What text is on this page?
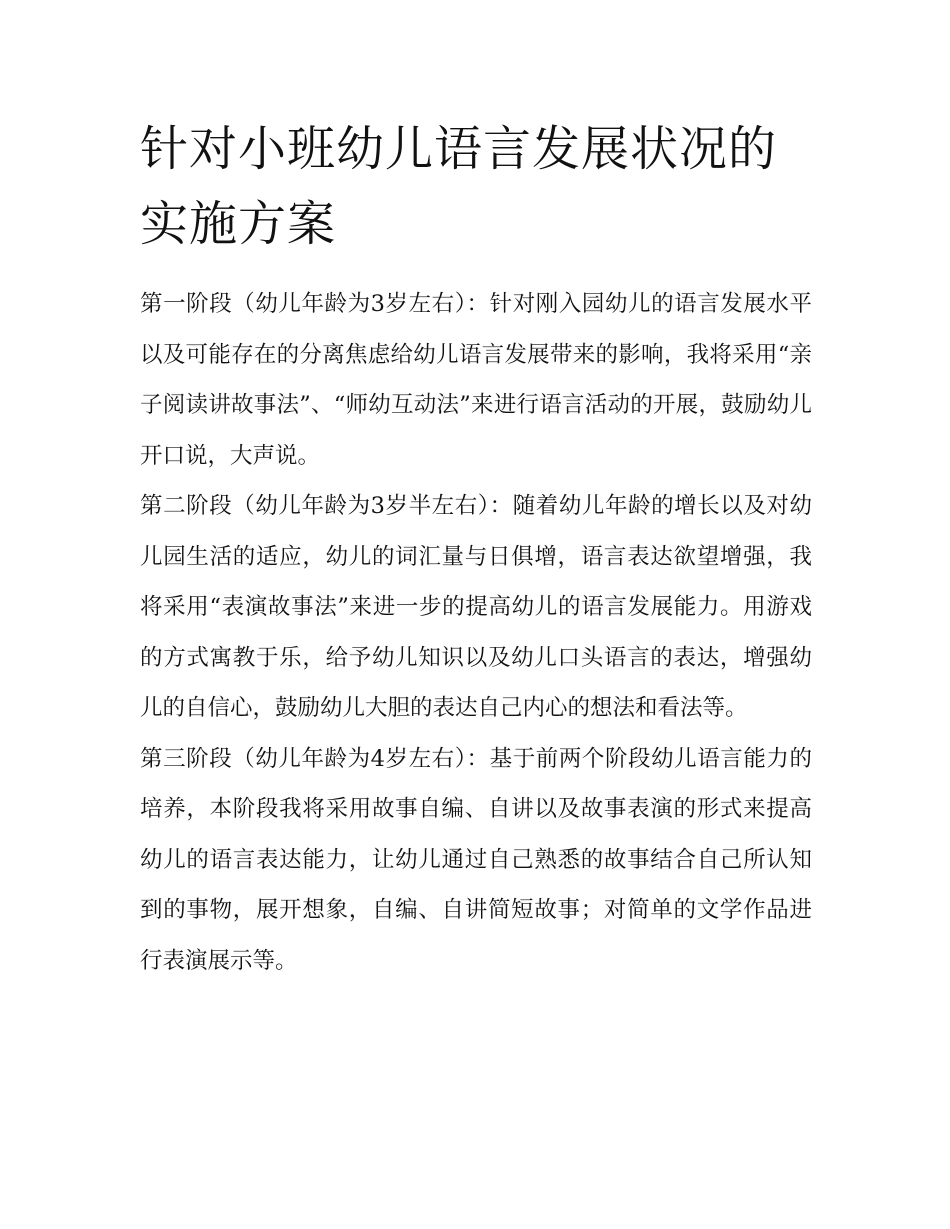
针对小班幼儿语言发展状况的实施方案

第一阶段（幼儿年龄为3岁左右）：针对刚入园幼儿的语言发展水平以及可能存在的分离焦虑给幼儿语言发展带来的影响，我将采用“亲子阅读讲故事法”、“师幼互动法”来进行语言活动的开展，鼓励幼儿开口说，大声说。

第二阶段（幼儿年龄为3岁半左右）：随着幼儿年龄的增长以及对幼儿园生活的适应，幼儿的词汇量与日俱增，语言表达欲望增强，我将采用“表演故事法”来进一步的提高幼儿的语言发展能力。用游戏的方式寓教于乐，给予幼儿知识以及幼儿口头语言的表达，增强幼儿的自信心，鼓励幼儿大胆的表达自己内心的想法和看法等。

第三阶段（幼儿年龄为4岁左右）：基于前两个阶段幼儿语言能力的培养，本阶段我将采用故事自编、自讲以及故事表演的形式来提高幼儿的语言表达能力，让幼儿通过自己熟悉的故事结合自己所认知到的事物，展开想象，自编、自讲简短故事；对简单的文学作品进行表演展示等。
